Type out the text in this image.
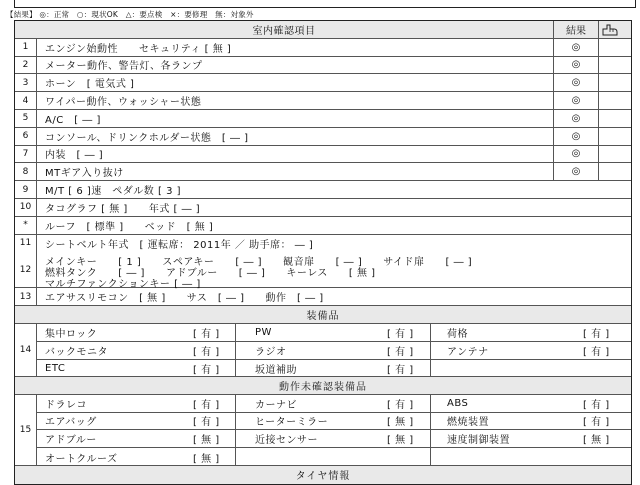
【結果】 ◎：正常　○：現状OK　△：要点検　×：要修理　無：対象外
室内確認項目	結果
1	エンジン始動性　　セキュリティ [ 無 ]	◎
2	メーター動作、警告灯、各ランプ	◎
3	ホーン　[ 電気式 ]	◎
4	ワイパー動作、ウォッシャー状態	◎
5	A/C　[ ― ]	◎
6	コンソール、ドリンクホルダー状態　[ ― ]	◎
7	内装　[ ― ]	◎
8	MTギア入り抜け	◎
9	M/T [ 6 ]速　ペダル数 [ 3 ]
10	タコグラフ [ 無 ]　　年式 [ ― ]
*	ルーフ　[ 標準 ]　　ベッド　[ 無 ]
11	シートベルト年式　[ 運転席： 2011年 ／ 助手席： ― ]
12
メインキー　　[ 1 ]　　スペアキー　　[ ― ]　　観音扉　　[ ― ]　　サイド扉　　[ ― ]
燃料タンク　　[ ― ]　　アドブルー　　[ ― ]　　キーレス　　[ 無 ]
マルチファンクションキー [ ― ]
13	エアサスリモコン　[ 無 ]　　サス　[ ― ]　　動作　[ ― ]
装備品
14
集中ロック	[ 有 ]	PW	[ 有 ]	荷格	[ 有 ]
バックモニタ	[ 有 ]	ラジオ	[ 有 ]	アンテナ	[ 有 ]
ETC	[ 有 ]	坂道補助	[ 有 ]
動作未確認装備品
15
ドラレコ	[ 有 ]	カーナビ	[ 有 ]	ABS	[ 有 ]
エアバッグ	[ 有 ]	ヒーターミラー	[ 無 ]	燃焼装置	[ 有 ]
アドブルー	[ 無 ]	近接センサー	[ 無 ]	速度制御装置	[ 無 ]
オートクルーズ	[ 無 ]
タイヤ情報
